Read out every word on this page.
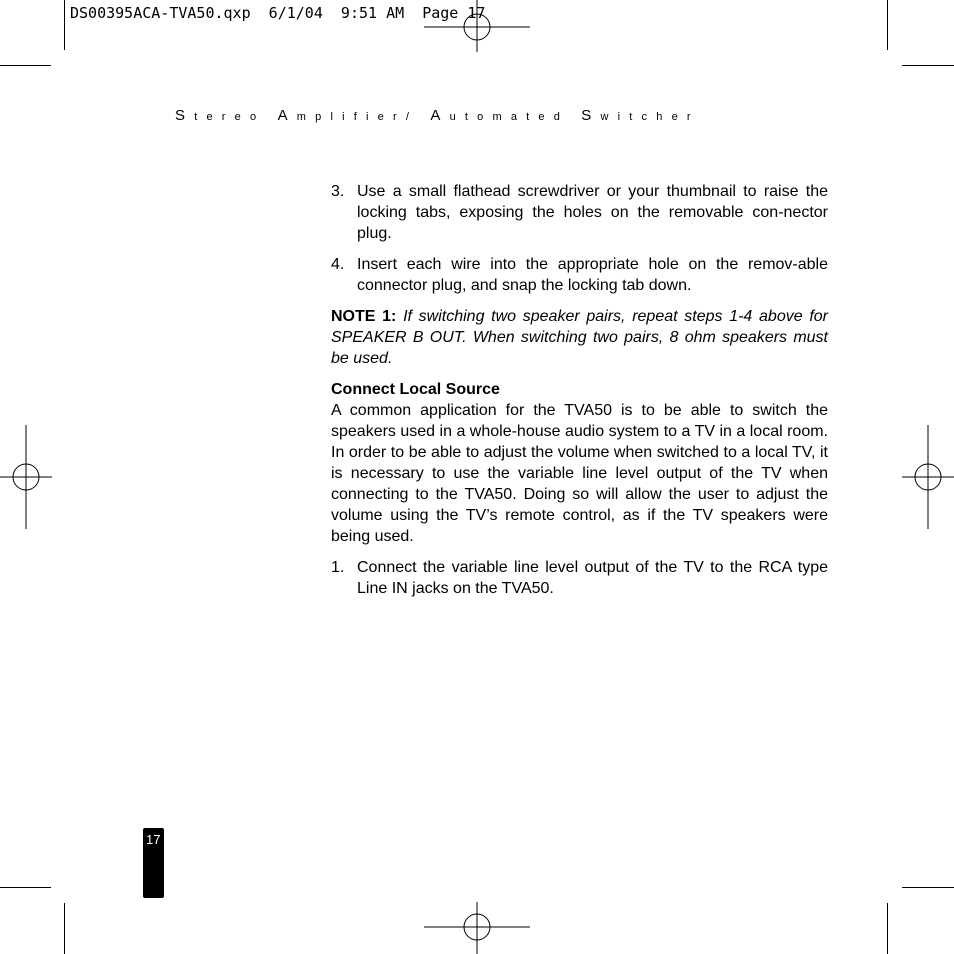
DS00395ACA-TVA50.qxp  6/1/04  9:51 AM  Page 17
Stereo Amplifier/ Automated Switcher
3. Use a small flathead screwdriver or your thumbnail to raise the locking tabs, exposing the holes on the removable con-nector plug.
4. Insert each wire into the appropriate hole on the remov-able connector plug, and snap the locking tab down.
NOTE 1: If switching two speaker pairs, repeat steps 1-4 above for SPEAKER B OUT. When switching two pairs, 8 ohm speakers must be used.
Connect Local Source
A common application for the TVA50 is to be able to switch the speakers used in a whole-house audio system to a TV in a local room. In order to be able to adjust the volume when switched to a local TV, it is necessary to use the variable line level output of the TV when connecting to the TVA50. Doing so will allow the user to adjust the volume using the TV’s remote control, as if the TV speakers were being used.
1. Connect the variable line level output of the TV to the RCA type Line IN jacks on the TVA50.
17
